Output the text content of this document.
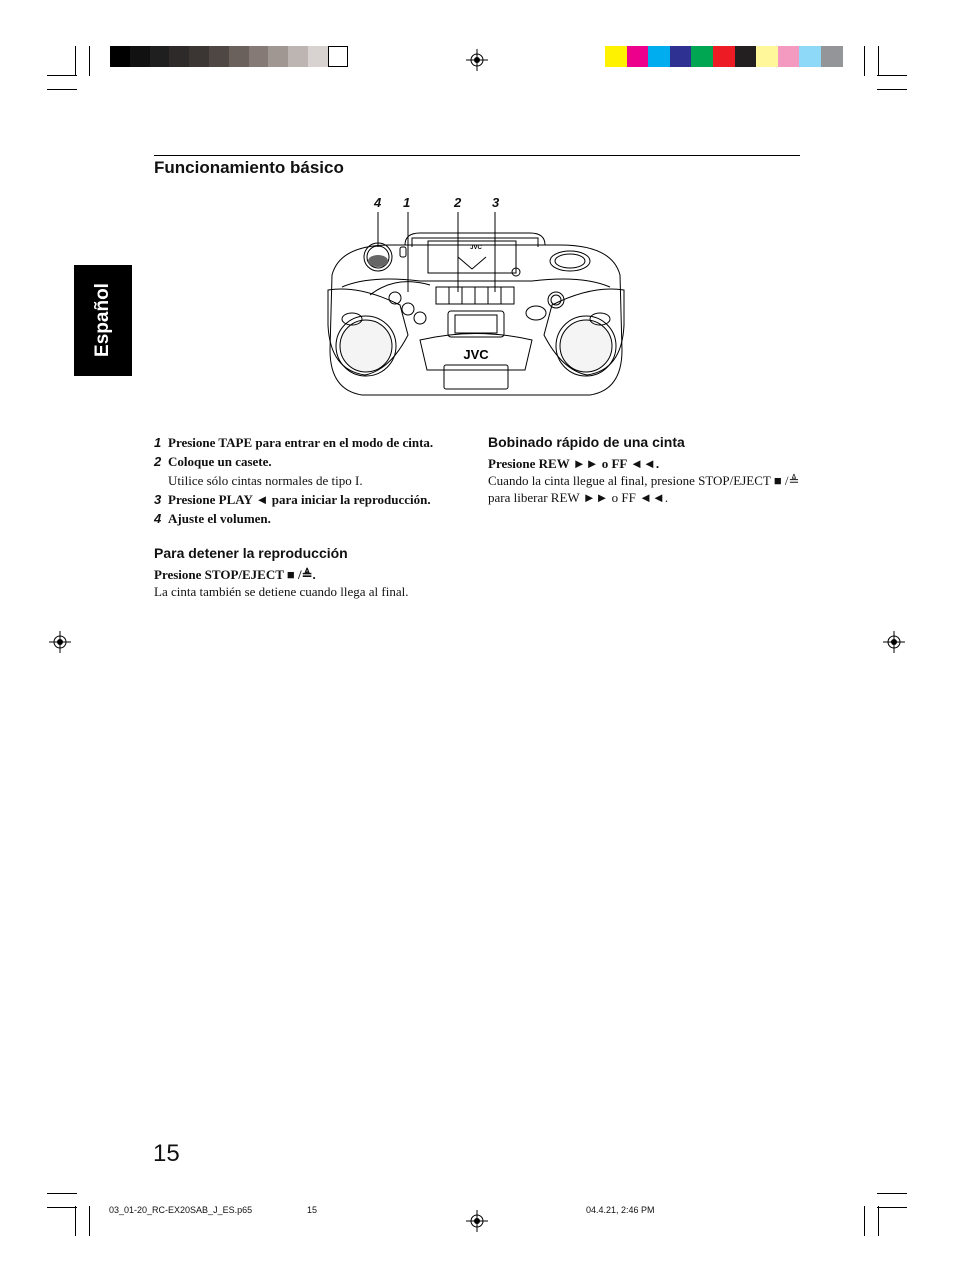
Funcionamiento básico
Español
4 1	2 3
JVC
JVC
1 Presione TAPE para entrar en el modo de cinta.
2 Coloque un casete.
Utilice sólo cintas normales de tipo I.
3 Presione PLAY ◄ para iniciar la reproducción.
4 Ajuste el volumen.
Para detener la reproducción
Presione STOP/EJECT ■ /≜.
La cinta también se detiene cuando llega al final.
Bobinado rápido de una cinta
Presione REW ►► o FF ◄◄.
Cuando la cinta llegue al final, presione STOP/EJECT ■ /≜ para liberar REW ►► o FF ◄◄.
15
03_01-20_RC-EX20SAB_J_ES.p65	15	04.4.21, 2:46 PM
